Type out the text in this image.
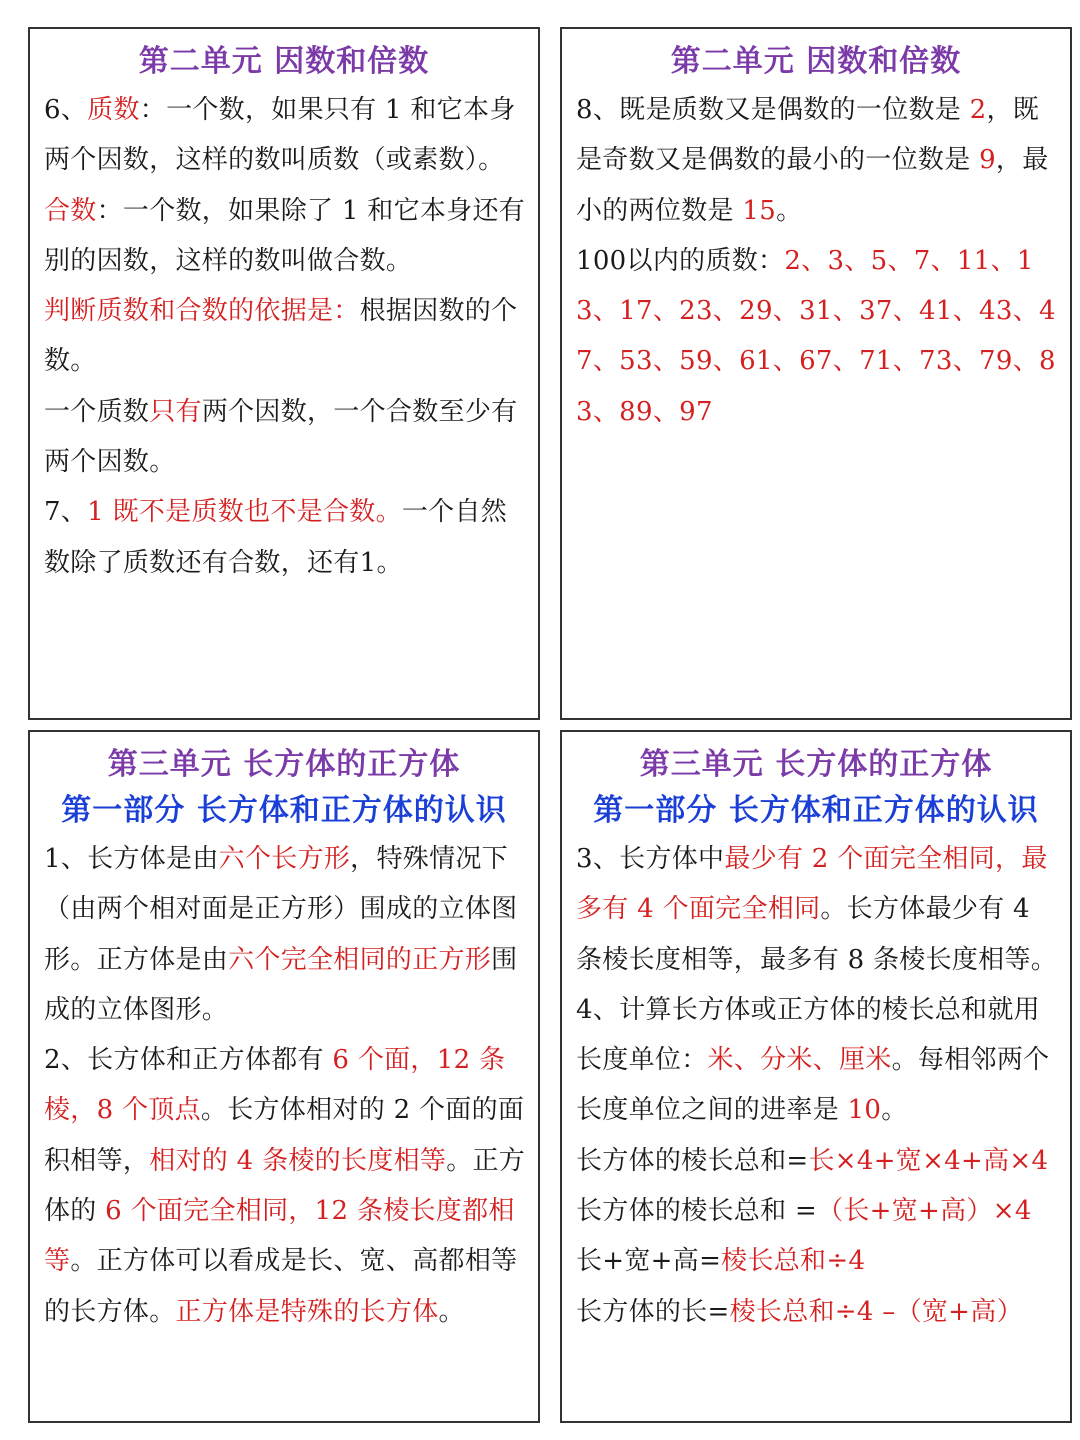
第二单元 因数和倍数

6、质数：一个数，如果只有 1 和它本身两个因数，这样的数叫质数（或素数）。

合数：一个数，如果除了 1 和它本身还有别的因数，这样的数叫做合数。

判断质数和合数的依据是：根据因数的个数。

一个质数只有两个因数，一个合数至少有两个因数。

7、1 既不是质数也不是合数。一个自然数除了质数还有合数，还有1。

第二单元 因数和倍数

8、既是质数又是偶数的一位数是 2，既是奇数又是偶数的最小的一位数是 9，最小的两位数是 15。

100以内的质数：2、3、5、7、11、13、17、23、29、31、37、41、43、47、53、59、61、67、71、73、79、83、89、97

第三单元 长方体的正方体
第一部分 长方体和正方体的认识

1、长方体是由六个长方形，特殊情况下（由两个相对面是正方形）围成的立体图形。正方体是由六个完全相同的正方形围成的立体图形。

2、长方体和正方体都有 6 个面，12 条棱，8 个顶点。长方体相对的 2 个面的面积相等，相对的 4 条棱的长度相等。正方体的 6 个面完全相同，12 条棱长度都相等。正方体可以看成是长、宽、高都相等的长方体。正方体是特殊的长方体。

第三单元 长方体的正方体
第一部分 长方体和正方体的认识

3、长方体中最少有 2 个面完全相同，最多有 4 个面完全相同。长方体最少有 4 条棱长度相等，最多有 8 条棱长度相等。

4、计算长方体或正方体的棱长总和就用长度单位：米、分米、厘米。每相邻两个长度单位之间的进率是 10。

长方体的棱长总和=长×4+宽×4+高×4

长方体的棱长总和 =（长+宽+高）×4

长+宽+高=棱长总和÷4

长方体的长=棱长总和÷4 –（宽+高）
